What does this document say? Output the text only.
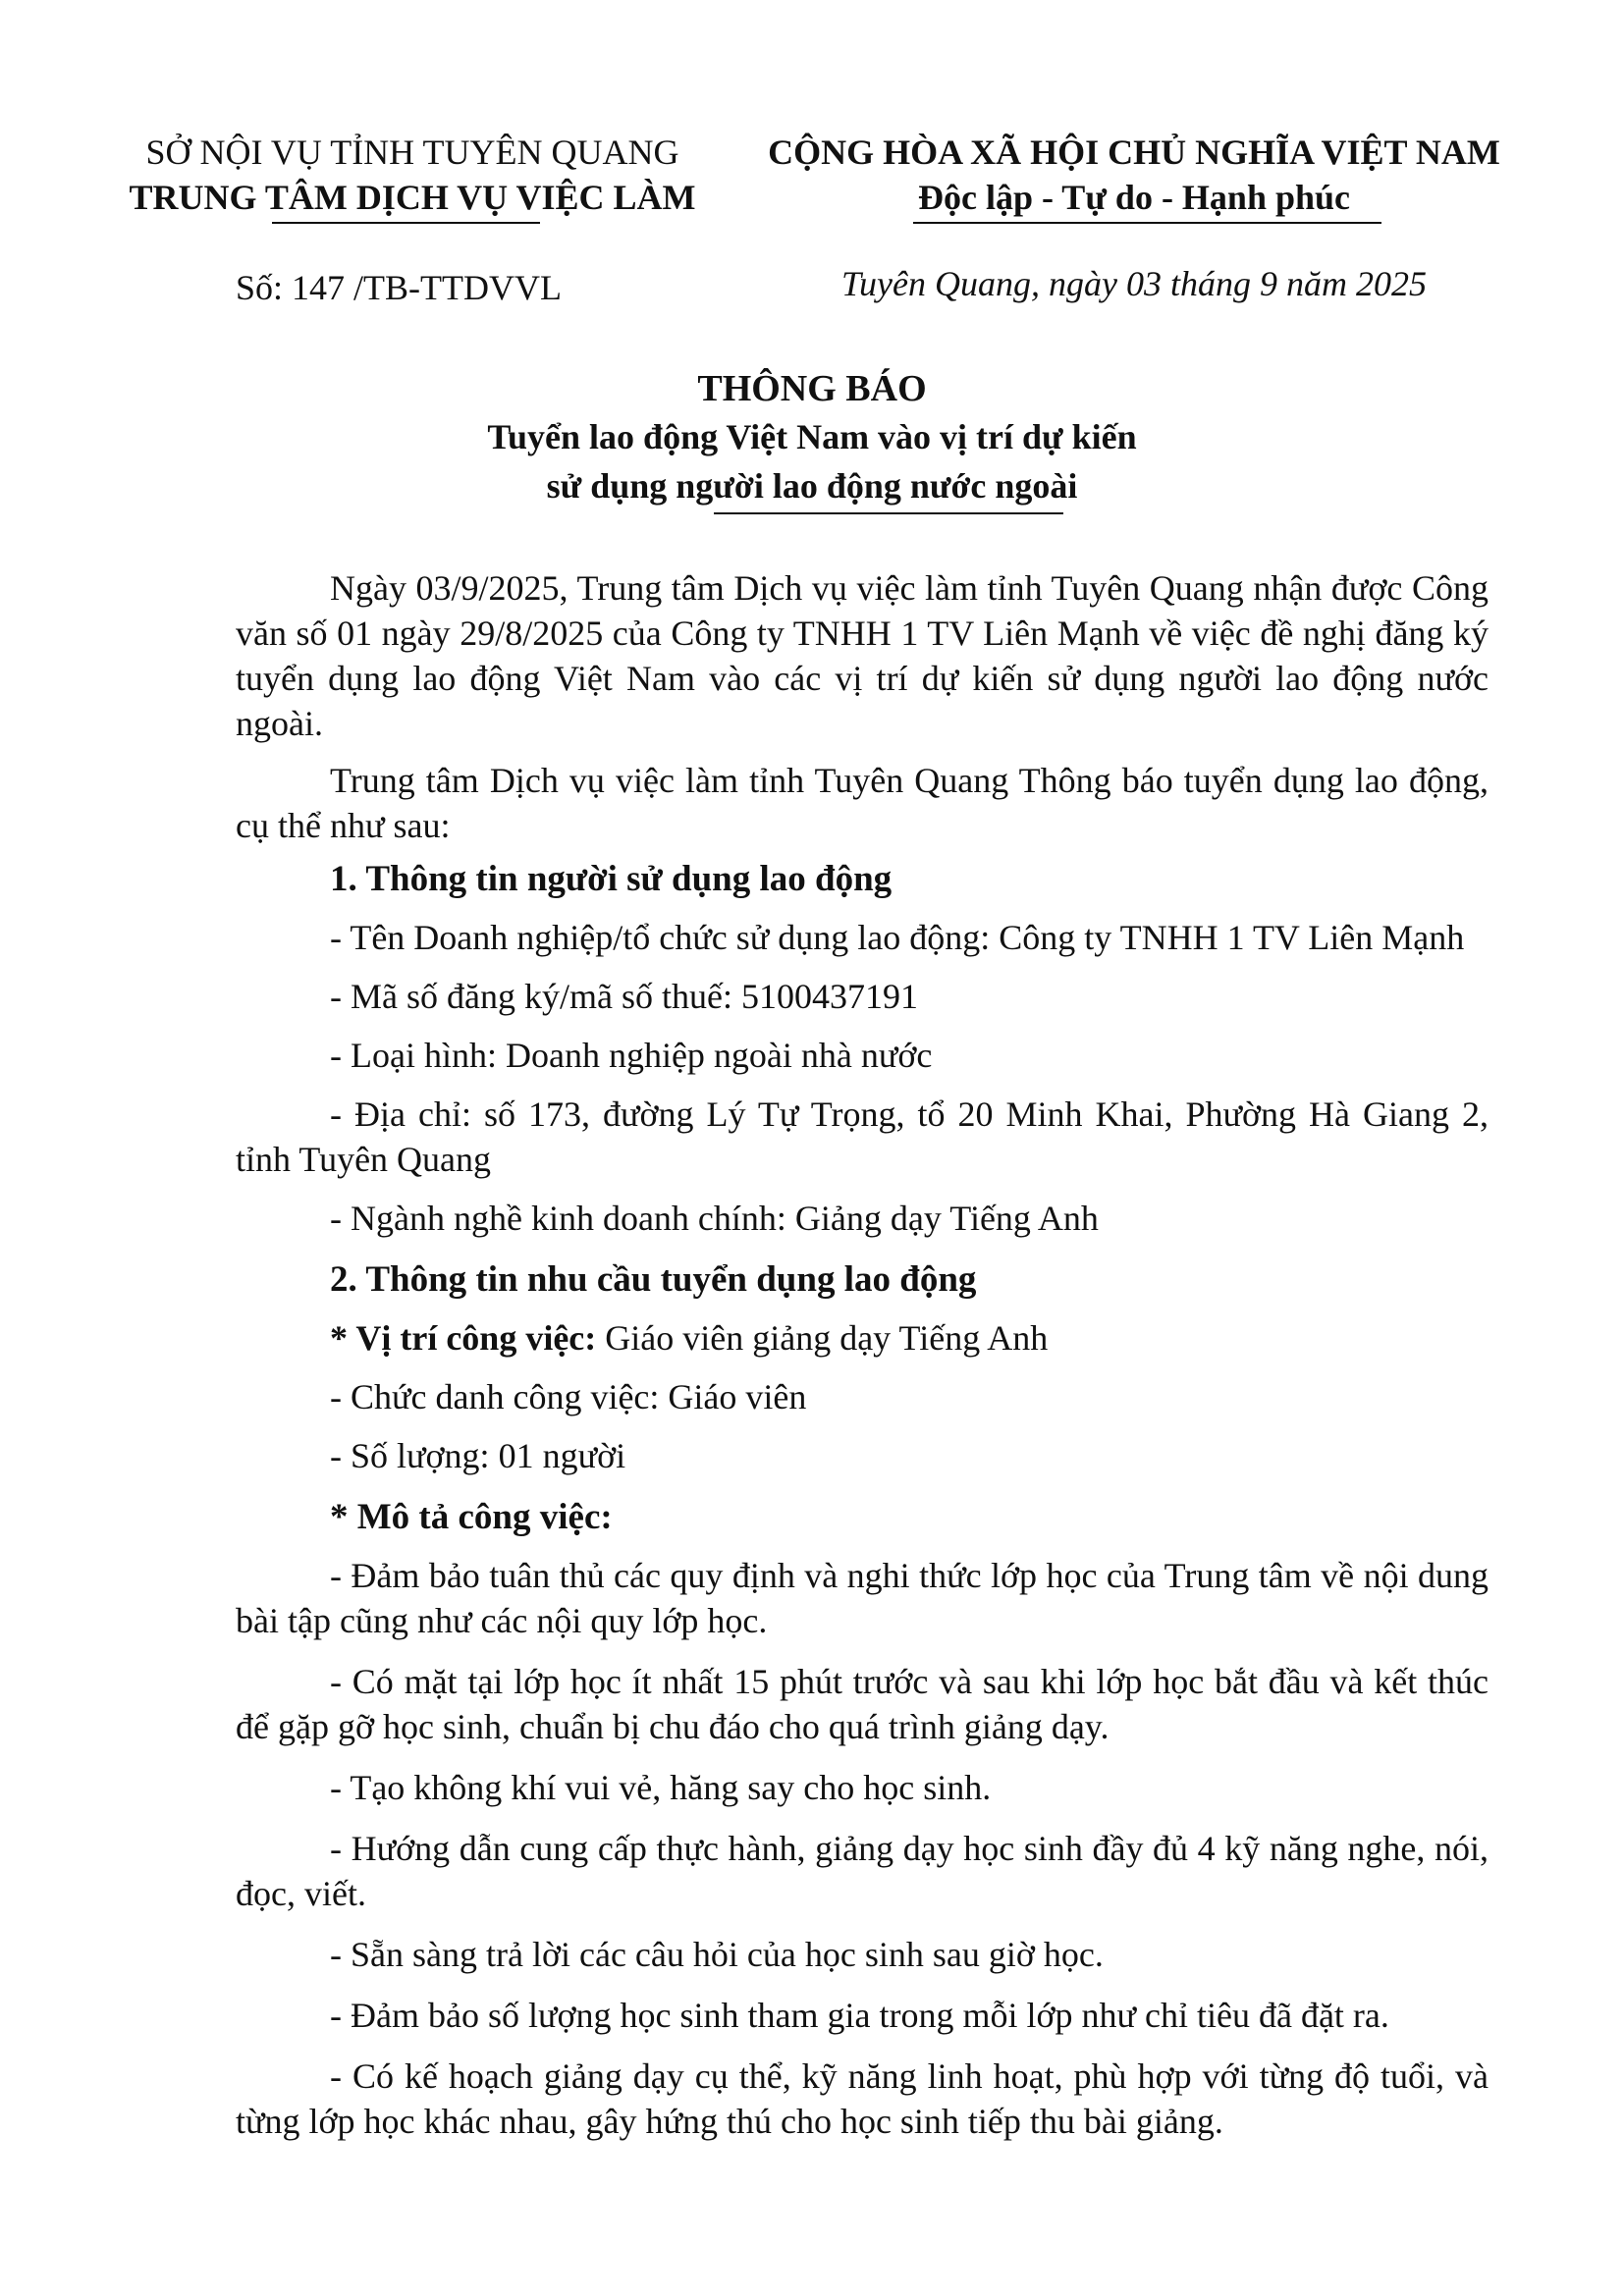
SỞ NỘI VỤ TỈNH TUYÊN QUANG
TRUNG TÂM DỊCH VỤ VIỆC LÀM
CỘNG HÒA XÃ HỘI CHỦ NGHĨA VIỆT NAM
Độc lập - Tự do - Hạnh phúc
Số: 147 /TB-TTDVVL	Tuyên Quang, ngày 03 tháng 9 năm 2025
THÔNG BÁO
Tuyển lao động Việt Nam vào vị trí dự kiến
sử dụng người lao động nước ngoài

Ngày 03/9/2025, Trung tâm Dịch vụ việc làm tỉnh Tuyên Quang nhận được Công văn số 01 ngày 29/8/2025 của Công ty TNHH 1 TV Liên Mạnh về việc đề nghị đăng ký tuyển dụng lao động Việt Nam vào các vị trí dự kiến sử dụng người lao động nước ngoài.

Trung tâm Dịch vụ việc làm tỉnh Tuyên Quang Thông báo tuyển dụng lao động, cụ thể như sau:

1. Thông tin người sử dụng lao động

- Tên Doanh nghiệp/tổ chức sử dụng lao động: Công ty TNHH 1 TV Liên Mạnh

- Mã số đăng ký/mã số thuế: 5100437191

- Loại hình: Doanh nghiệp ngoài nhà nước

- Địa chỉ: số 173, đường Lý Tự Trọng, tổ 20 Minh Khai, Phường Hà Giang 2, tỉnh Tuyên Quang

- Ngành nghề kinh doanh chính: Giảng dạy Tiếng Anh

2. Thông tin nhu cầu tuyển dụng lao động

* Vị trí công việc: Giáo viên giảng dạy Tiếng Anh

- Chức danh công việc: Giáo viên

- Số lượng: 01 người

* Mô tả công việc:

- Đảm bảo tuân thủ các quy định và nghi thức lớp học của Trung tâm về nội dung bài tập cũng như các nội quy lớp học.

- Có mặt tại lớp học ít nhất 15 phút trước và sau khi lớp học bắt đầu và kết thúc để gặp gỡ học sinh, chuẩn bị chu đáo cho quá trình giảng dạy.

- Tạo không khí vui vẻ, hăng say cho học sinh.

- Hướng dẫn cung cấp thực hành, giảng dạy học sinh đầy đủ 4 kỹ năng nghe, nói, đọc, viết.

- Sẵn sàng trả lời các câu hỏi của học sinh sau giờ học.

- Đảm bảo số lượng học sinh tham gia trong mỗi lớp như chỉ tiêu đã đặt ra.

- Có kế hoạch giảng dạy cụ thể, kỹ năng linh hoạt, phù hợp với từng độ tuổi, và từng lớp học khác nhau, gây hứng thú cho học sinh tiếp thu bài giảng.
